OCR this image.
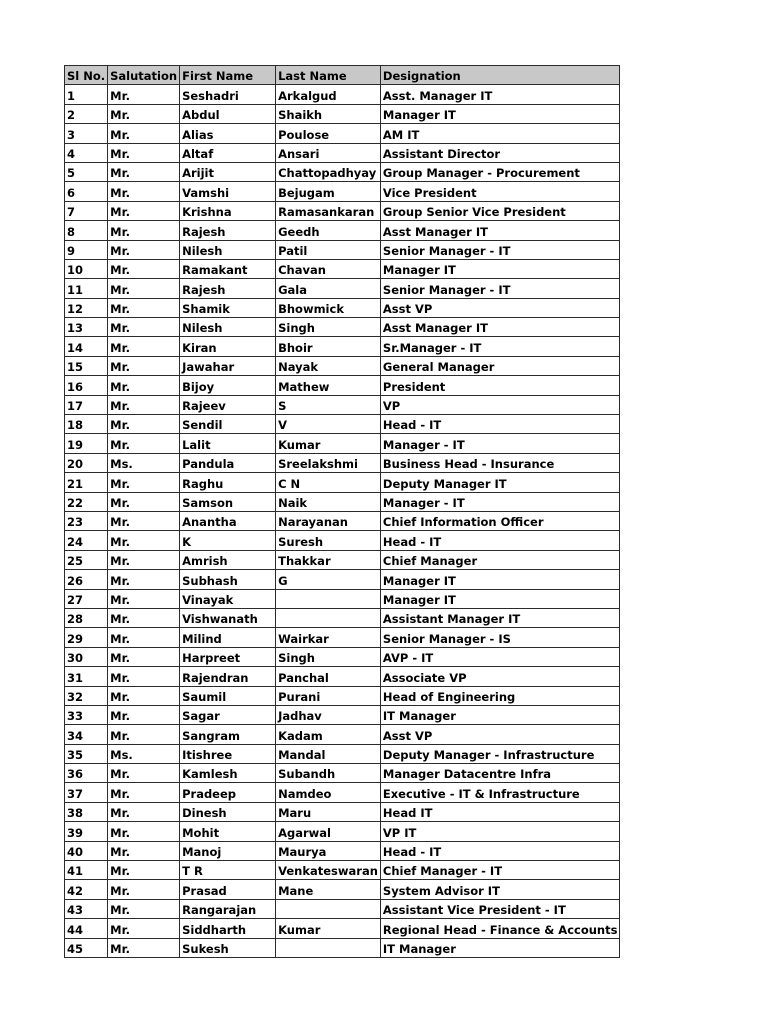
Sl No.	Salutation	First Name	Last Name	Designation
1	Mr.	Seshadri	Arkalgud	Asst. Manager IT
2	Mr.	Abdul	Shaikh	Manager IT
3	Mr.	Alias	Poulose	AM IT
4	Mr.	Altaf	Ansari	Assistant Director
5	Mr.	Arijit	Chattopadhyay	Group Manager - Procurement
6	Mr.	Vamshi	Bejugam	Vice President
7	Mr.	Krishna	Ramasankaran	Group Senior Vice President
8	Mr.	Rajesh	Geedh	Asst Manager IT
9	Mr.	Nilesh	Patil	Senior Manager - IT
10	Mr.	Ramakant	Chavan	Manager IT
11	Mr.	Rajesh	Gala	Senior Manager - IT
12	Mr.	Shamik	Bhowmick	Asst VP
13	Mr.	Nilesh	Singh	Asst Manager IT
14	Mr.	Kiran	Bhoir	Sr.Manager - IT
15	Mr.	Jawahar	Nayak	General Manager
16	Mr.	Bijoy	Mathew	President
17	Mr.	Rajeev	S	VP
18	Mr.	Sendil	V	Head - IT
19	Mr.	Lalit	Kumar	Manager - IT
20	Ms.	Pandula	Sreelakshmi	Business Head - Insurance
21	Mr.	Raghu	C N	Deputy Manager IT
22	Mr.	Samson	Naik	Manager - IT
23	Mr.	Anantha	Narayanan	Chief Information Officer
24	Mr.	K	Suresh	Head - IT
25	Mr.	Amrish	Thakkar	Chief Manager
26	Mr.	Subhash	G	Manager IT
27	Mr.	Vinayak		Manager IT
28	Mr.	Vishwanath		Assistant Manager IT
29	Mr.	Milind	Wairkar	Senior Manager - IS
30	Mr.	Harpreet	Singh	AVP - IT
31	Mr.	Rajendran	Panchal	Associate VP
32	Mr.	Saumil	Purani	Head of Engineering
33	Mr.	Sagar	Jadhav	IT Manager
34	Mr.	Sangram	Kadam	Asst VP
35	Ms.	Itishree	Mandal	Deputy Manager - Infrastructure
36	Mr.	Kamlesh	Subandh	Manager Datacentre Infra
37	Mr.	Pradeep	Namdeo	Executive - IT & Infrastructure
38	Mr.	Dinesh	Maru	Head IT
39	Mr.	Mohit	Agarwal	VP IT
40	Mr.	Manoj	Maurya	Head - IT
41	Mr.	T R	Venkateswaran	Chief Manager - IT
42	Mr.	Prasad	Mane	System Advisor IT
43	Mr.	Rangarajan		Assistant Vice President - IT
44	Mr.	Siddharth	Kumar	Regional Head - Finance & Accounts
45	Mr.	Sukesh		IT Manager
